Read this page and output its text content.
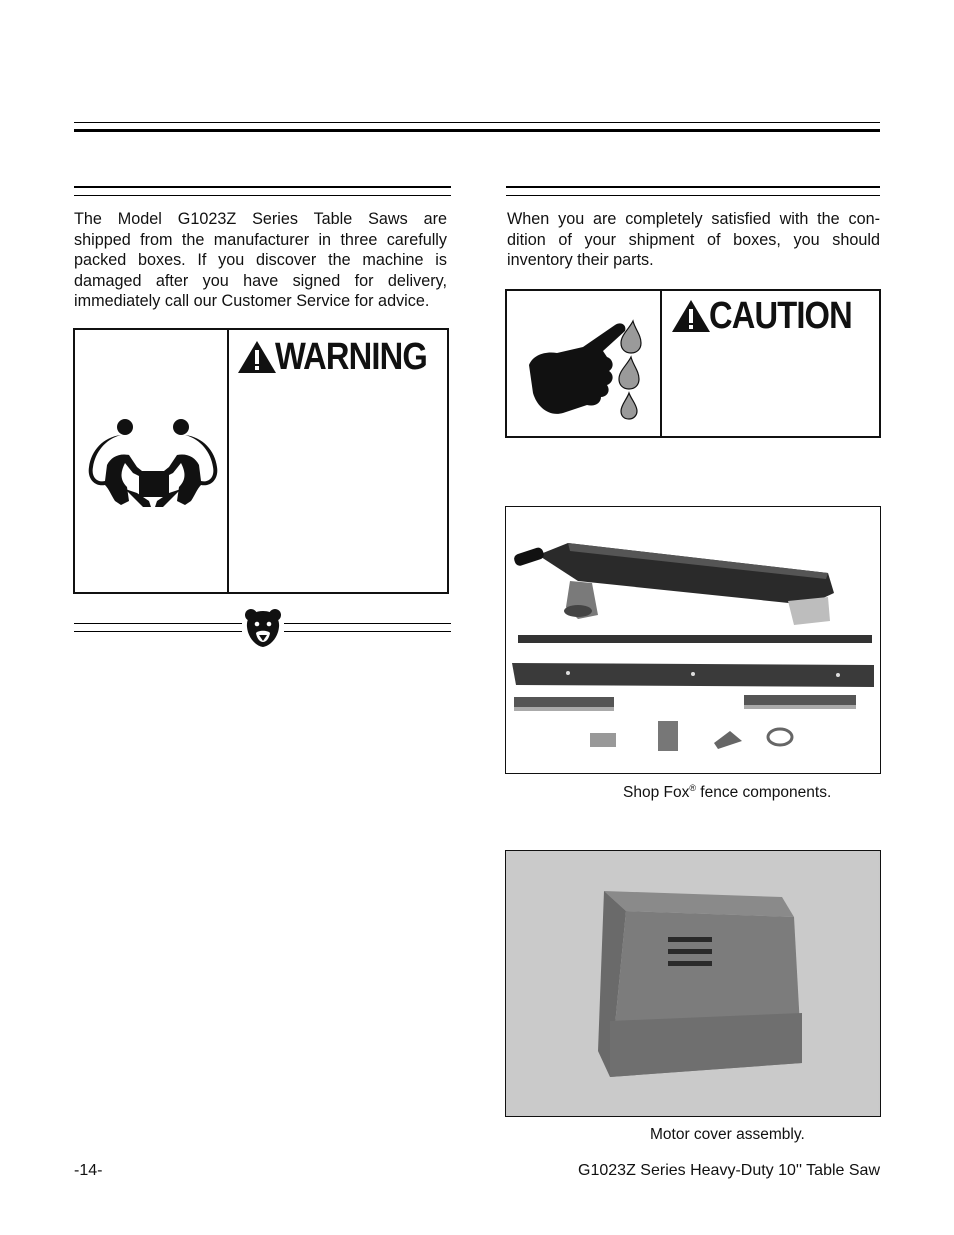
The Model G1023Z Series Table Saws are
shipped from the manufacturer in three carefully
packed boxes. If you discover the machine is
damaged after you have signed for delivery,
immediately call our Customer Service for advice.
WARNING
When you are completely satisfied with the con-
dition of your shipment of boxes, you should
inventory their parts.
CAUTION
Shop Fox® fence components.
Motor cover assembly.
-14-	G1023Z Series Heavy-Duty 10'' Table Saw
